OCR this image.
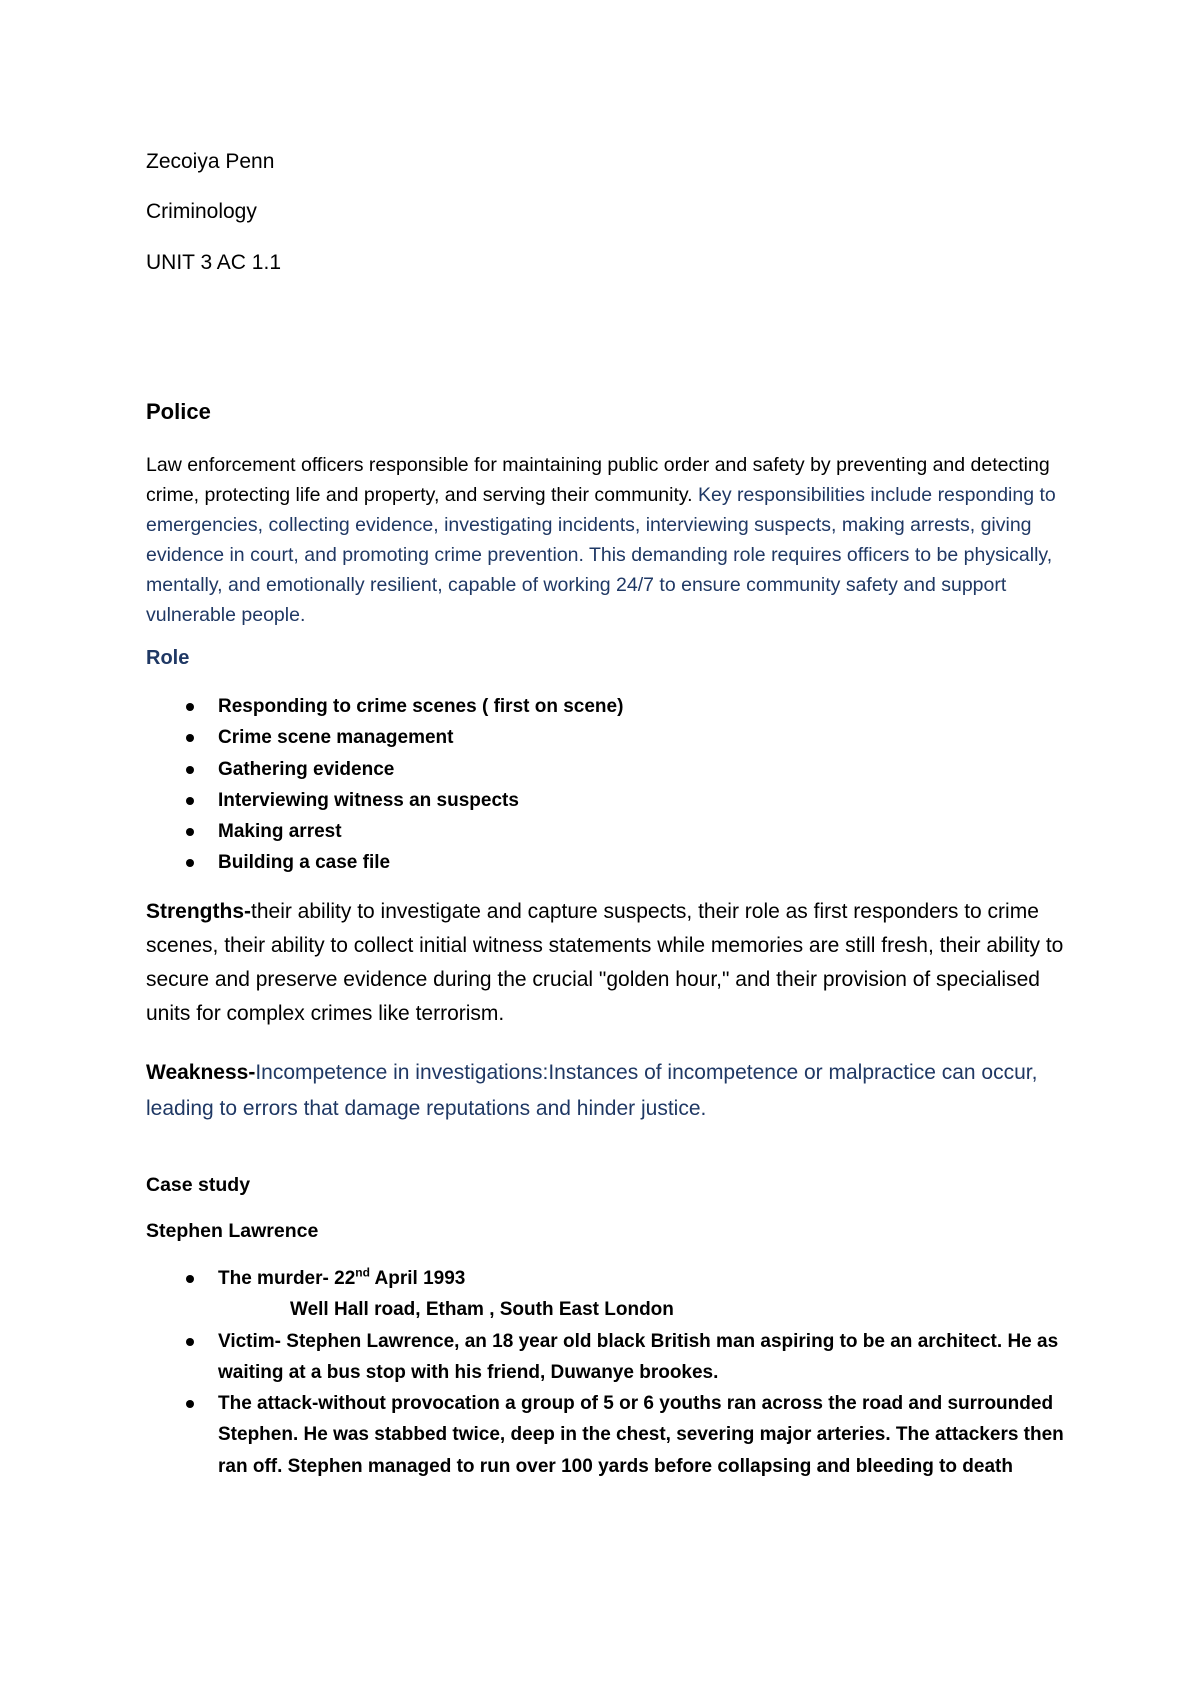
Zecoiya Penn
Criminology
UNIT 3 AC 1.1
Police
Law enforcement officers responsible for maintaining public order and safety by preventing and detecting crime, protecting life and property, and serving their community. Key responsibilities include responding to emergencies, collecting evidence, investigating incidents, interviewing suspects, making arrests, giving evidence in court, and promoting crime prevention. This demanding role requires officers to be physically, mentally, and emotionally resilient, capable of working 24/7 to ensure community safety and support vulnerable people.
Role
Responding to crime scenes ( first on scene)
Crime scene management
Gathering evidence
Interviewing witness an suspects
Making arrest
Building a case file
Strengths-their ability to investigate and capture suspects, their role as first responders to crime scenes, their ability to collect initial witness statements while memories are still fresh, their ability to secure and preserve evidence during the crucial "golden hour," and their provision of specialised units for complex crimes like terrorism.
Weakness-Incompetence in investigations:Instances of incompetence or malpractice can occur, leading to errors that damage reputations and hinder justice.
Case study
Stephen Lawrence
The murder- 22nd April 1993
Well Hall road, Etham , South East London
Victim- Stephen Lawrence, an 18 year old black British man aspiring to be an architect. He as waiting at a bus stop with his friend, Duwanye brookes.
The attack-without provocation a group of 5 or 6 youths ran across the road and surrounded Stephen. He was stabbed twice, deep in the chest, severing major arteries. The attackers then ran off. Stephen managed to run over 100 yards before collapsing and bleeding to death
